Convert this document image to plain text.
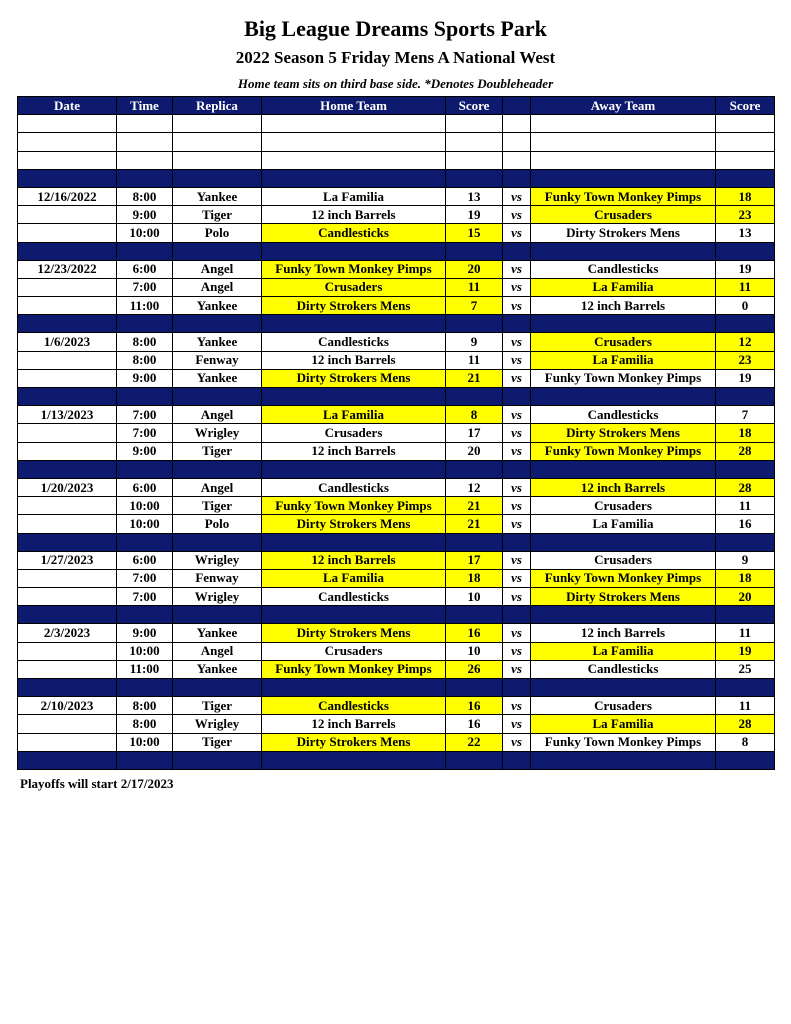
Big League Dreams Sports Park
2022 Season 5 Friday Mens A National West

Home team sits on third base side. *Denotes Doubleheader

Date	Time	Replica	Home Team	Score		Away Team	Score

12/16/2022	8:00	Yankee	La Familia	13	vs	Funky Town Monkey Pimps	18
	9:00	Tiger	12 inch Barrels	19	vs	Crusaders	23
	10:00	Polo	Candlesticks	15	vs	Dirty Strokers Mens	13

12/23/2022	6:00	Angel	Funky Town Monkey Pimps	20	vs	Candlesticks	19
	7:00	Angel	Crusaders	11	vs	La Familia	11
	11:00	Yankee	Dirty Strokers Mens	7	vs	12 inch Barrels	0

1/6/2023	8:00	Yankee	Candlesticks	9	vs	Crusaders	12
	8:00	Fenway	12 inch Barrels	11	vs	La Familia	23
	9:00	Yankee	Dirty Strokers Mens	21	vs	Funky Town Monkey Pimps	19

1/13/2023	7:00	Angel	La Familia	8	vs	Candlesticks	7
	7:00	Wrigley	Crusaders	17	vs	Dirty Strokers Mens	18
	9:00	Tiger	12 inch Barrels	20	vs	Funky Town Monkey Pimps	28

1/20/2023	6:00	Angel	Candlesticks	12	vs	12 inch Barrels	28
	10:00	Tiger	Funky Town Monkey Pimps	21	vs	Crusaders	11
	10:00	Polo	Dirty Strokers Mens	21	vs	La Familia	16

1/27/2023	6:00	Wrigley	12 inch Barrels	17	vs	Crusaders	9
	7:00	Fenway	La Familia	18	vs	Funky Town Monkey Pimps	18
	7:00	Wrigley	Candlesticks	10	vs	Dirty Strokers Mens	20

2/3/2023	9:00	Yankee	Dirty Strokers Mens	16	vs	12 inch Barrels	11
	10:00	Angel	Crusaders	10	vs	La Familia	19
	11:00	Yankee	Funky Town Monkey Pimps	26	vs	Candlesticks	25

2/10/2023	8:00	Tiger	Candlesticks	16	vs	Crusaders	11
	8:00	Wrigley	12 inch Barrels	16	vs	La Familia	28
	10:00	Tiger	Dirty Strokers Mens	22	vs	Funky Town Monkey Pimps	8

Playoffs will start 2/17/2023
